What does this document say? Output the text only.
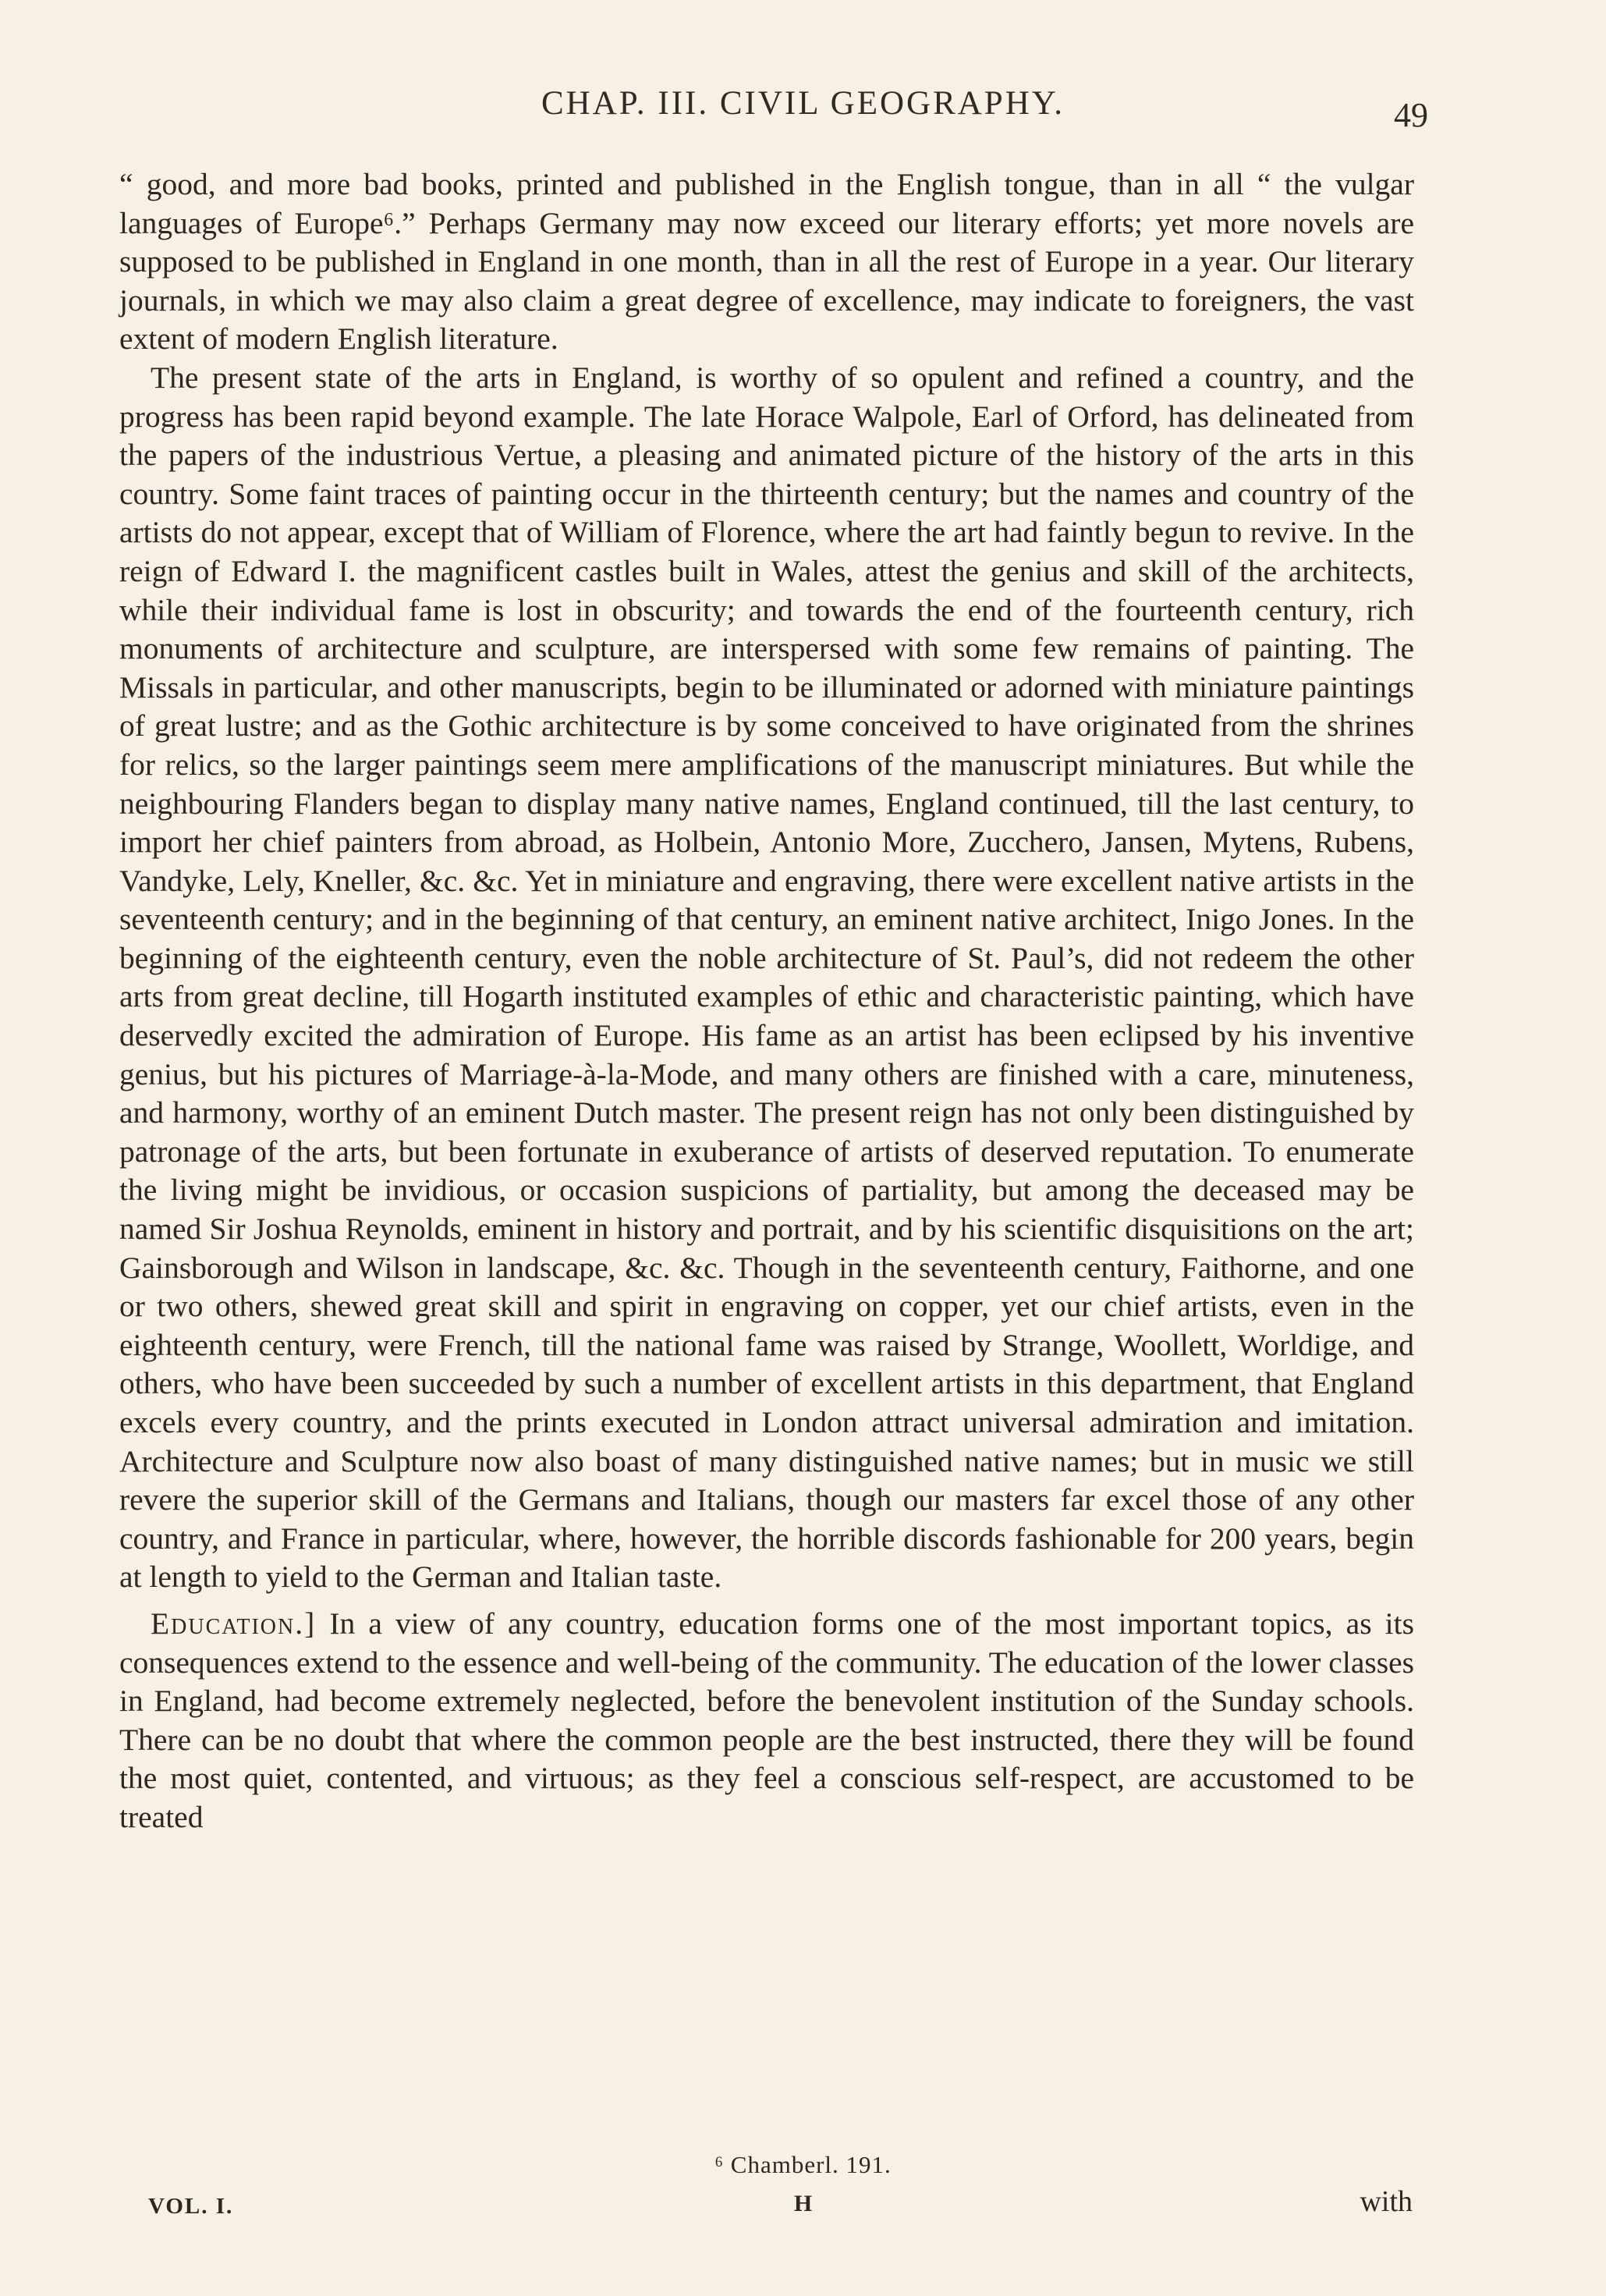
CHAP. III. CIVIL GEOGRAPHY.	49

“ good, and more bad books, printed and published in the English tongue, than in all “ the vulgar languages of Europe⁶.” Perhaps Germany may now exceed our literary efforts; yet more novels are supposed to be published in England in one month, than in all the rest of Europe in a year. Our literary journals, in which we may also claim a great degree of excellence, may indicate to foreigners, the vast extent of modern English literature.

The present state of the arts in England, is worthy of so opulent and refined a country, and the progress has been rapid beyond example. The late Horace Walpole, Earl of Orford, has delineated from the papers of the industrious Vertue, a pleasing and animated picture of the history of the arts in this country. Some faint traces of painting occur in the thirteenth century; but the names and country of the artists do not appear, except that of William of Florence, where the art had faintly begun to revive. In the reign of Edward I. the magnificent castles built in Wales, attest the genius and skill of the architects, while their individual fame is lost in obscurity; and towards the end of the fourteenth century, rich monuments of architecture and sculpture, are interspersed with some few remains of painting. The Missals in particular, and other manuscripts, begin to be illuminated or adorned with miniature paintings of great lustre; and as the Gothic architecture is by some conceived to have originated from the shrines for relics, so the larger paintings seem mere amplifications of the manuscript miniatures. But while the neighbouring Flanders began to display many native names, England continued, till the last century, to import her chief painters from abroad, as Holbein, Antonio More, Zucchero, Jansen, Mytens, Rubens, Vandyke, Lely, Kneller, &c. &c. Yet in miniature and engraving, there were excellent native artists in the seventeenth century; and in the beginning of that century, an eminent native architect, Inigo Jones. In the beginning of the eighteenth century, even the noble architecture of St. Paul’s, did not redeem the other arts from great decline, till Hogarth instituted examples of ethic and characteristic painting, which have deservedly excited the admiration of Europe. His fame as an artist has been eclipsed by his inventive genius, but his pictures of Marriage-à-la-Mode, and many others are finished with a care, minuteness, and harmony, worthy of an eminent Dutch master. The present reign has not only been distinguished by patronage of the arts, but been fortunate in exuberance of artists of deserved reputation. To enumerate the living might be invidious, or occasion suspicions of partiality, but among the deceased may be named Sir Joshua Reynolds, eminent in history and portrait, and by his scientific disquisitions on the art; Gainsborough and Wilson in landscape, &c. &c. Though in the seventeenth century, Faithorne, and one or two others, shewed great skill and spirit in engraving on copper, yet our chief artists, even in the eighteenth century, were French, till the national fame was raised by Strange, Woollett, Worldige, and others, who have been succeeded by such a number of excellent artists in this department, that England excels every country, and the prints executed in London attract universal admiration and imitation. Architecture and Sculpture now also boast of many distinguished native names; but in music we still revere the superior skill of the Germans and Italians, though our masters far excel those of any other country, and France in particular, where, however, the horrible discords fashionable for 200 years, begin at length to yield to the German and Italian taste.

Education.] In a view of any country, education forms one of the most important topics, as its consequences extend to the essence and well-being of the community. The education of the lower classes in England, had become extremely neglected, before the benevolent institution of the Sunday schools. There can be no doubt that where the common people are the best instructed, there they will be found the most quiet, contented, and virtuous; as they feel a conscious self-respect, are accustomed to be treated

⁶ Chamberl. 191.
VOL. I.	H	with
